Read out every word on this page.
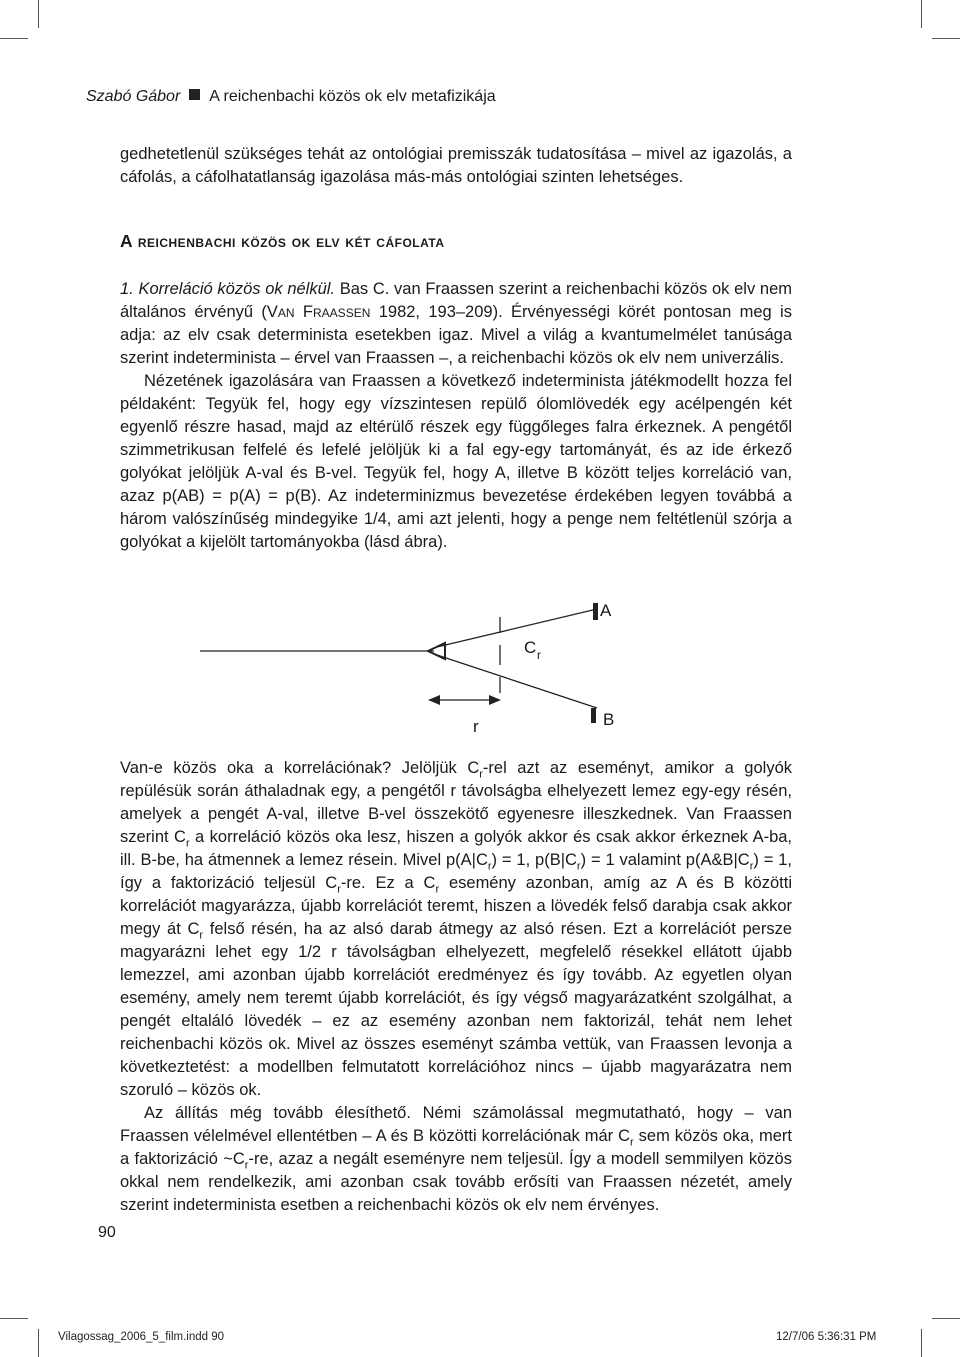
Szabó Gábor A reichenbachi közös ok elv metafizikája

gedhetetlenül szükséges tehát az ontológiai premisszák tudatosítása – mivel az igazolás, a cáfolás, a cáfolhatatlanság igazolása más-más ontológiai szinten lehetséges.

A reichenbachi közös ok elv két cáfolata

1. Korreláció közös ok nélkül. Bas C. van Fraassen szerint a reichenbachi közös ok elv nem általános érvényű (Van Fraassen 1982, 193–209). Érvényességi körét pontosan meg is adja: az elv csak determinista esetekben igaz. Mivel a világ a kvantumelmélet tanúsága szerint indeterminista – érvel van Fraassen –, a reichenbachi közös ok elv nem univerzális.

Nézetének igazolására van Fraassen a következő indeterminista játékmodellt hozza fel példaként: Tegyük fel, hogy egy vízszintesen repülő ólomlövedék egy acélpengén két egyenlő részre hasad, majd az eltérülő részek egy függőleges falra érkeznek. A pengétől szimmetrikusan felfelé és lefelé jelöljük ki a fal egy-egy tartományát, és az ide érkező golyókat jelöljük A-val és B-vel. Tegyük fel, hogy A, illetve B között teljes korreláció van, azaz p(AB) = p(A) = p(B). Az indeterminizmus bevezetése érdekében legyen továbbá a három valószínűség mindegyike 1/4, ami azt jelenti, hogy a penge nem feltétlenül szórja a golyókat a kijelölt tartományokba (lásd ábra).

A
B
C r
r

Van-e közös oka a korrelációnak? Jelöljük $C_r$-rel azt az eseményt, amikor a golyók repülésük során áthaladnak egy, a pengétől r távolságba elhelyezett lemez egy-egy résén, amelyek a pengét A-val, illetve B-vel összekötő egyenesre illeszkednek. Van Fraassen szerint $C_r$ a korreláció közös oka lesz, hiszen a golyók akkor és csak akkor érkeznek A-ba, ill. B-be, ha átmennek a lemez résein. Mivel $p(A|C_r) = 1$, $p(B|C_r) = 1$ valamint $p(A\&B|C_r) = 1$, így a faktorizáció teljesül $C_r-re$. Ez a $C_r$ esemény azonban, amíg az A és B közötti korrelációt magyarázza, újabb korrelációt teremt, hiszen a lövedék felső darabja csak akkor megy át $C_r$ felső résén, ha az alsó darab átmegy az alsó résen. Ezt a korrelációt persze magyarázni lehet egy 1/2 r távolságban elhelyezett, megfelelő résekkel ellátott újabb lemezzel, ami azonban újabb korrelációt eredményez és így tovább. Az egyetlen olyan esemény, amely nem teremt újabb korrelációt, és így végső magyarázatként szolgálhat, a pengét eltaláló lövedék – ez az esemény azonban nem faktorizál, tehát nem lehet reichenbachi közös ok. Mivel az összes eseményt számba vettük, van Fraassen levonja a következtetést: a modellben felmutatott korrelációhoz nincs – újabb magyarázatra nem szoruló – közös ok.

Az állítás még tovább élesíthető. Némi számolással megmutatható, hogy – van Fraassen vélelmével ellentétben – A és B közötti korrelációnak már $C_r$ sem közös oka, mert a faktorizáció $\sim C_r-re$, azaz a negált eseményre nem teljesül. Így a modell semmilyen közös okkal nem rendelkezik, ami azonban csak tovább erősíti van Fraassen nézetét, amely szerint indeterminista esetben a reichenbachi közös ok elv nem érvényes.

90
Vilagossag_2006_5_film.indd 90	12/7/06 5:36:31 PM
